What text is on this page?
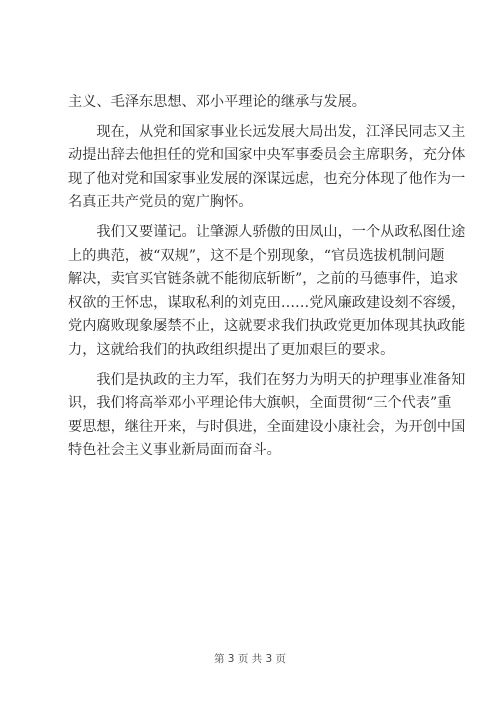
主义、毛泽东思想、邓小平理论的继承与发展。
　　现在，从党和国家事业长远发展大局出发，江泽民同志又主
动提出辞去他担任的党和国家中央军事委员会主席职务，充分体
现了他对党和国家事业发展的深谋远虑，也充分体现了他作为一
名真正共产党员的宽广胸怀。
　　我们又要谨记。让肇源人骄傲的田凤山，一个从政私图仕途
上的典范，被“双规”，这不是个别现象，“官员选拔机制问题
解决，卖官买官链条就不能彻底斩断”，之前的马德事件，追求
权欲的王怀忠，谋取私利的刘克田……党风廉政建设刻不容缓，
党内腐败现象屡禁不止，这就要求我们执政党更加体现其执政能
力，这就给我们的执政组织提出了更加艰巨的要求。
　　我们是执政的主力军，我们在努力为明天的护理事业准备知
识，我们将高举邓小平理论伟大旗帜，全面贯彻“三个代表”重
要思想，继往开来，与时俱进，全面建设小康社会，为开创中国
特色社会主义事业新局面而奋斗。
第 3 页 共 3 页
